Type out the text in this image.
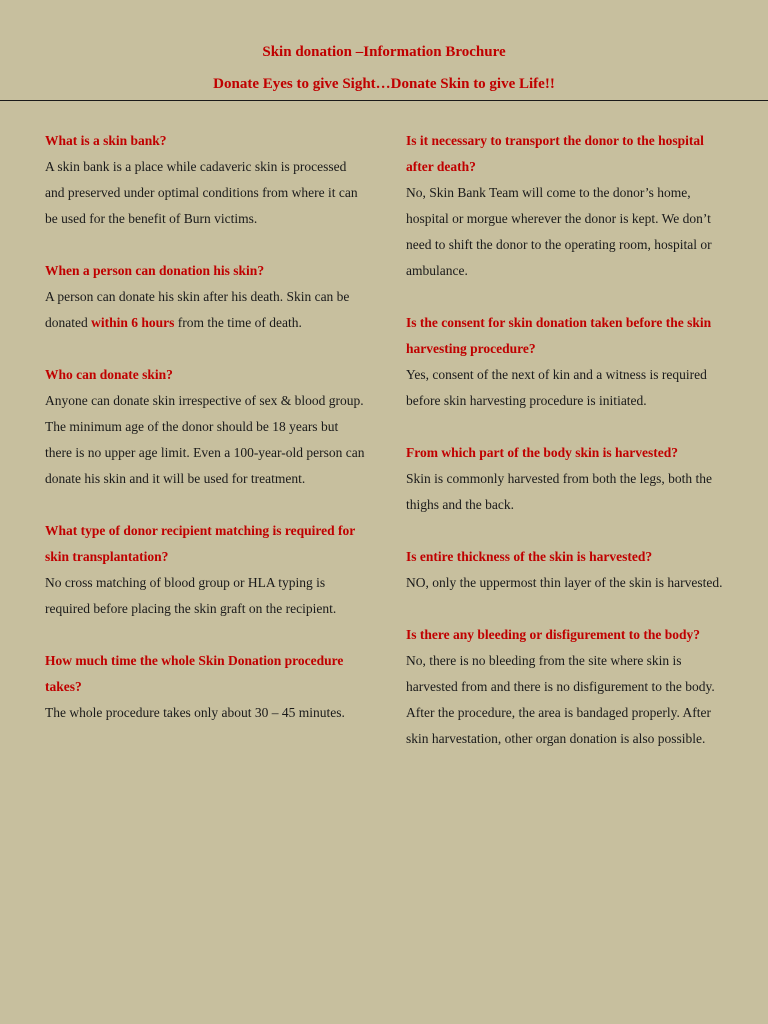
Skin donation –Information Brochure
Donate Eyes to give Sight…Donate Skin to give Life!!

What is a skin bank?

A skin bank is a place while cadaveric skin is processed and preserved under optimal conditions from where it can be used for the benefit of Burn victims.

When a person can donation his skin?

A person can donate his skin after his death. Skin can be donated within 6 hours from the time of death.

Who can donate skin?

Anyone can donate skin irrespective of sex & blood group. The minimum age of the donor should be 18 years but there is no upper age limit. Even a 100-year-old person can donate his skin and it will be used for treatment.

What type of donor recipient matching is required for skin transplantation?

No cross matching of blood group or HLA typing is required before placing the skin graft on the recipient.

How much time the whole Skin Donation procedure takes?

The whole procedure takes only about 30 – 45 minutes.

Is it necessary to transport the donor to the hospital after death?

No, Skin Bank Team will come to the donor’s home, hospital or morgue wherever the donor is kept. We don’t need to shift the donor to the operating room, hospital or ambulance.

Is the consent for skin donation taken before the skin harvesting procedure?

Yes, consent of the next of kin and a witness is required before skin harvesting procedure is initiated.

From which part of the body skin is harvested?

Skin is commonly harvested from both the legs, both the thighs and the back.

Is entire thickness of the skin is harvested?

NO, only the uppermost thin layer of the skin is harvested.

Is there any bleeding or disfigurement to the body?

No, there is no bleeding from the site where skin is harvested from and there is no disfigurement to the body. After the procedure, the area is bandaged properly. After skin harvestation, other organ donation is also possible.
